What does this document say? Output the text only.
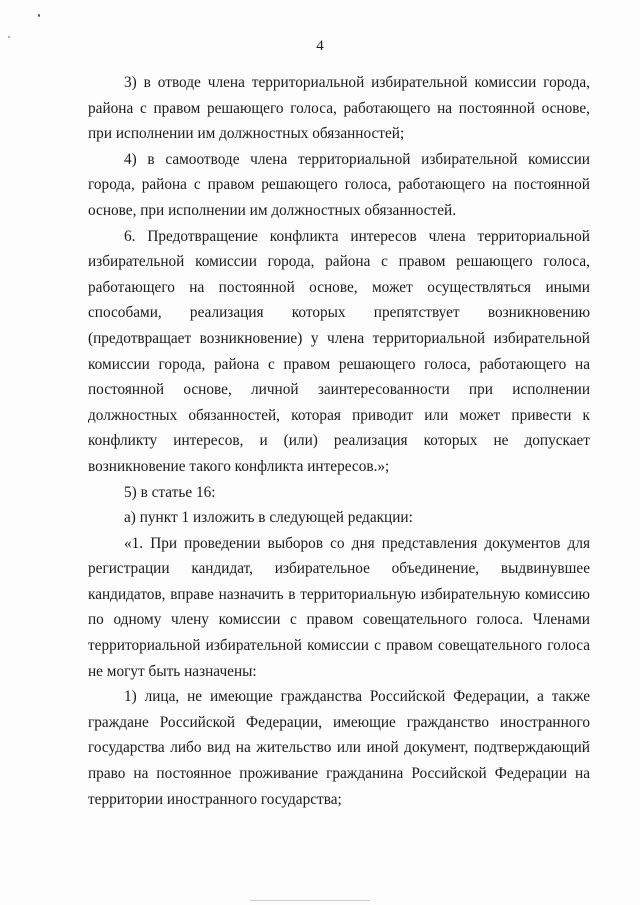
4

3) в отводе члена территориальной избирательной комиссии города, района с правом решающего голоса, работающего на постоянной основе, при исполнении им должностных обязанностей;

4) в самоотводе члена территориальной избирательной комиссии города, района с правом решающего голоса, работающего на постоянной основе, при исполнении им должностных обязанностей.

6. Предотвращение конфликта интересов члена территориальной избирательной комиссии города, района с правом решающего голоса, работающего на постоянной основе, может осуществляться иными способами, реализация которых препятствует возникновению (предотвращает возникновение) у члена территориальной избирательной комиссии города, района с правом решающего голоса, работающего на постоянной основе, личной заинтересованности при исполнении должностных обязанностей, которая приводит или может привести к конфликту интересов, и (или) реализация которых не допускает возникновение такого конфликта интересов.»;

5) в статье 16:

а) пункт 1 изложить в следующей редакции:

«1. При проведении выборов со дня представления документов для регистрации кандидат, избирательное объединение, выдвинувшее кандидатов, вправе назначить в территориальную избирательную комиссию по одному члену комиссии с правом совещательного голоса. Членами территориальной избирательной комиссии с правом совещательного голоса не могут быть назначены:

1) лица, не имеющие гражданства Российской Федерации, а также граждане Российской Федерации, имеющие гражданство иностранного государства либо вид на жительство или иной документ, подтверждающий право на постоянное проживание гражданина Российской Федерации на территории иностранного государства;
